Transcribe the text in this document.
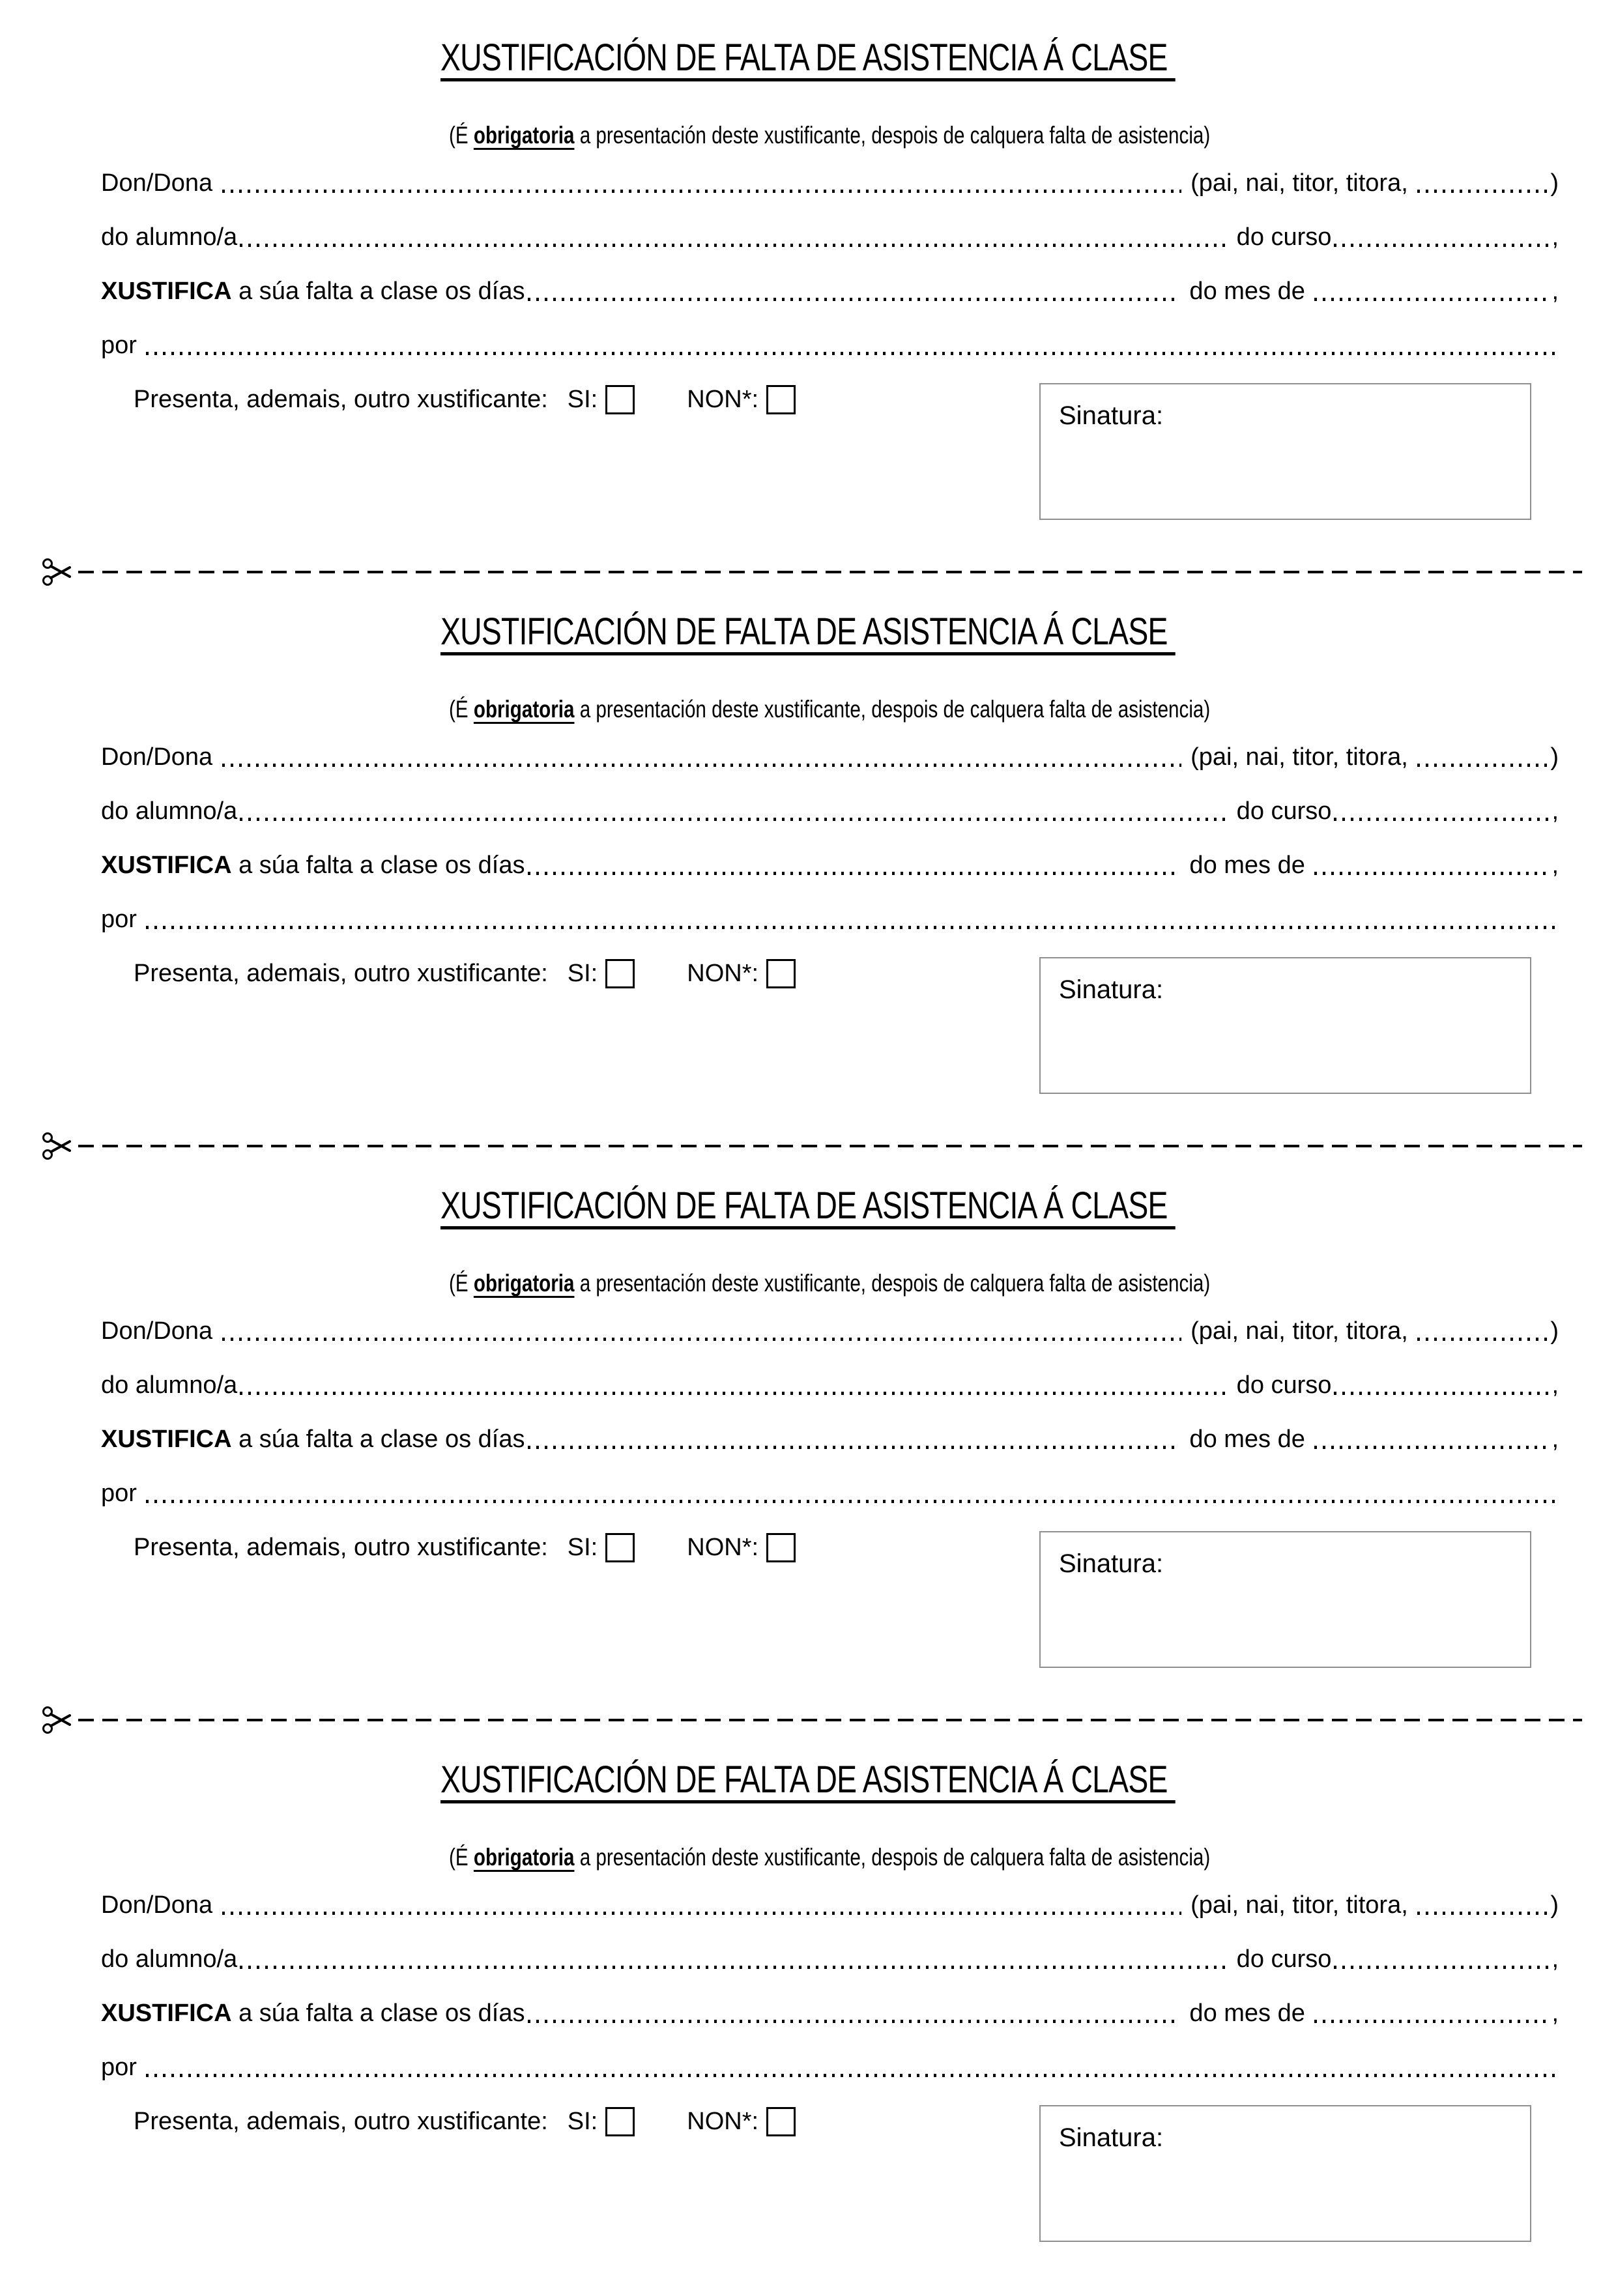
XUSTIFICACIÓN DE FALTA DE ASISTENCIA Á CLASE

(É obrigatoria a presentación deste xustificante, despois de calquera falta de asistencia)

Don/Dona	(pai, nai, titor, titora,	)
do alumno/a	do curso	,
XUSTIFICA a súa falta a clase os días	do mes de	,
por
Presenta, ademais, outro xustificante: SI:	NON*:
Sinatura:
XUSTIFICACIÓN DE FALTA DE ASISTENCIA Á CLASE

(É obrigatoria a presentación deste xustificante, despois de calquera falta de asistencia)

Don/Dona	(pai, nai, titor, titora,	)
do alumno/a	do curso	,
XUSTIFICA a súa falta a clase os días	do mes de	,
por
Presenta, ademais, outro xustificante: SI:	NON*:
Sinatura:
XUSTIFICACIÓN DE FALTA DE ASISTENCIA Á CLASE

(É obrigatoria a presentación deste xustificante, despois de calquera falta de asistencia)

Don/Dona	(pai, nai, titor, titora,	)
do alumno/a	do curso	,
XUSTIFICA a súa falta a clase os días	do mes de	,
por
Presenta, ademais, outro xustificante: SI:	NON*:
Sinatura:
XUSTIFICACIÓN DE FALTA DE ASISTENCIA Á CLASE

(É obrigatoria a presentación deste xustificante, despois de calquera falta de asistencia)

Don/Dona	(pai, nai, titor, titora,	)
do alumno/a	do curso	,
XUSTIFICA a súa falta a clase os días	do mes de	,
por
Presenta, ademais, outro xustificante: SI:	NON*:
Sinatura:
